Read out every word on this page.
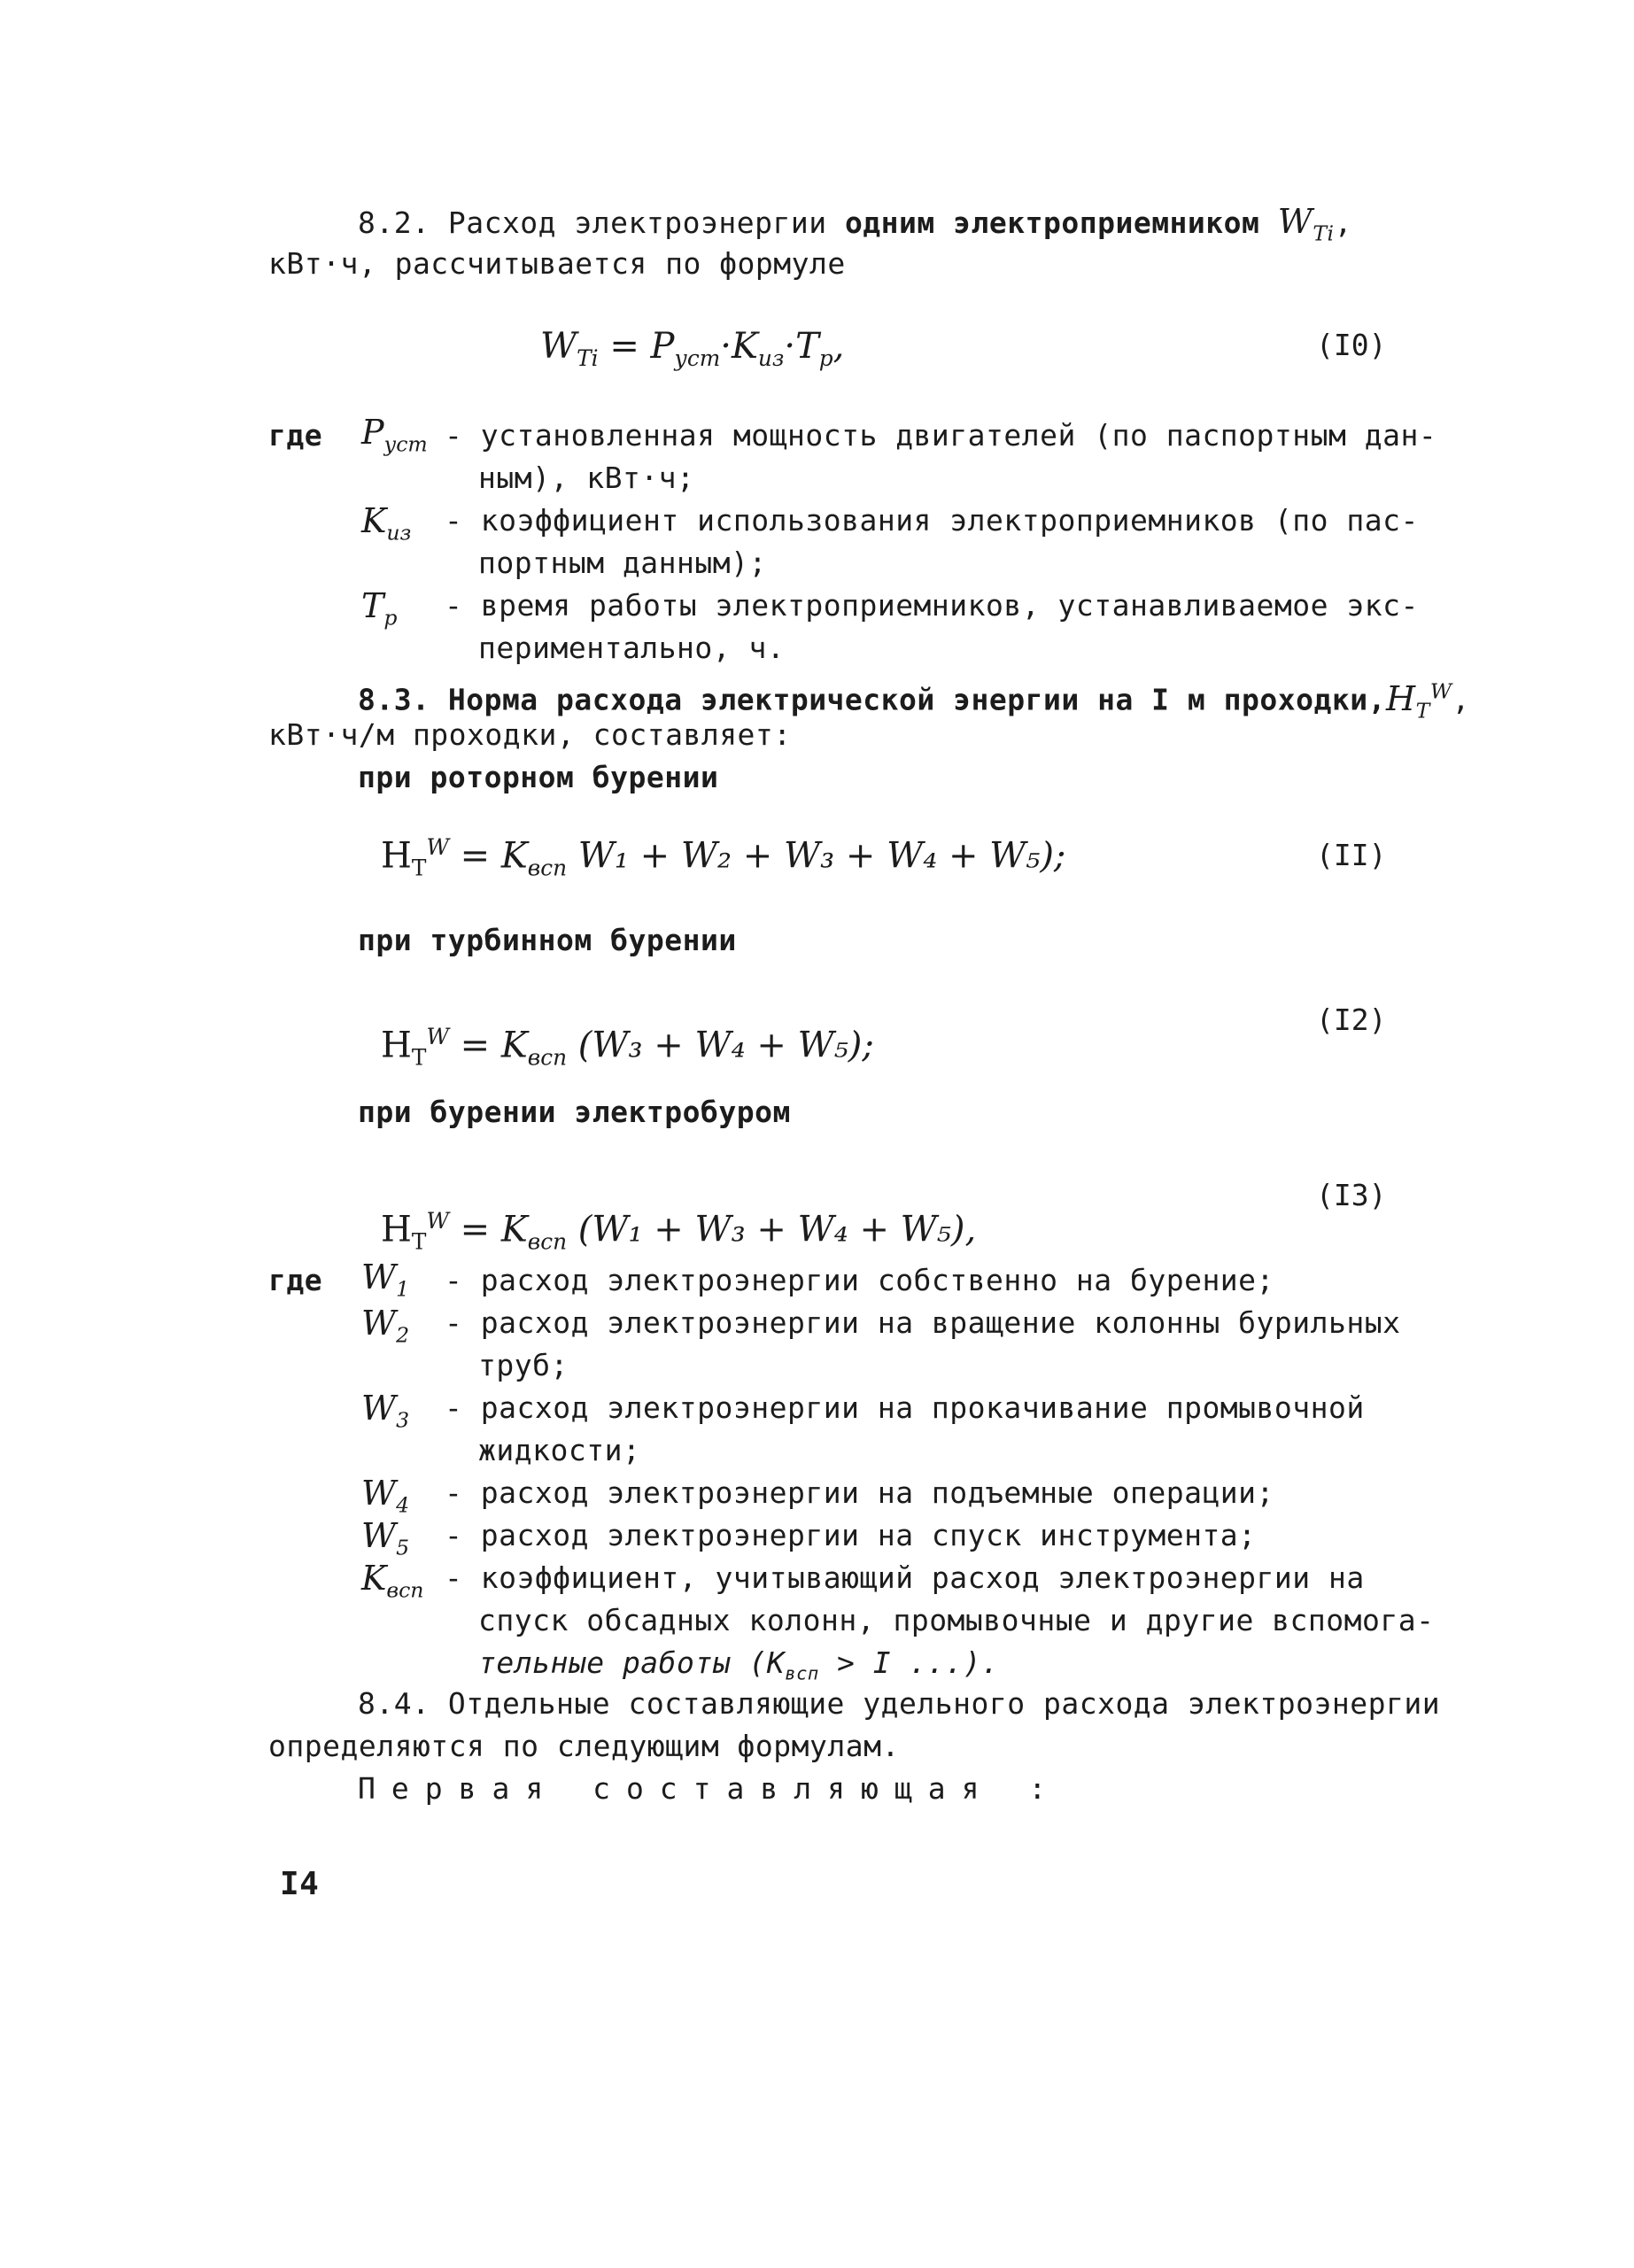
8.2. Расход электроэнергии одним электроприемником $W_{Ti}$,
кВт·ч, рассчитывается по формуле
$W_{Ti} = P_{уст}\cdot K_{из}\cdot T_р$,	(I0)
где $P_{уст}$ - установленная мощность двигателей (по паспортным дан-
ным), кВт·ч;
$K_{из}$ - коэффициент использования электроприемников (по пас-
портным данным);
$T_р$ - время работы электроприемников, устанавливаемое экс-
периментально, ч.
8.3. Норма расхода электрической энергии на I м $проходки,H_T^W$,
кВт·ч/м проходки, составляет:
при роторном бурении
$H_T^W = K_{всп}$ W₁ + W₂ + W₃ + W₄ + W₅);	(II)
при турбинном бурении
$H_T^W = K_{всп}$ (W₃ + W₄ + W₅);
(I2)
при бурении электробуром
$H_T^W = K_{всп}$ (W₁ + W₃ + W₄ + W₅),
(I3)
где $W_1$ - расход электроэнергии собственно на бурение;
$W_2$ - расход электроэнергии на вращение колонны бурильных
труб;
$W_3$ - расход электроэнергии на прокачивание промывочной
жидкости;
$W_4$ - расход электроэнергии на подъемные операции;
$W_5$ - расход электроэнергии на спуск инструмента;
$K_{всп}$ - коэффициент, учитывающий расход электроэнергии на
спуск обсадных колонн, промывочные и другие вспомога-
тельные работы ($К_{всп} > I$ ...).
8.4. Отдельные составляющие удельного расхода электроэнергии
определяются по следующим формулам.
Первая составляющая :
I4
